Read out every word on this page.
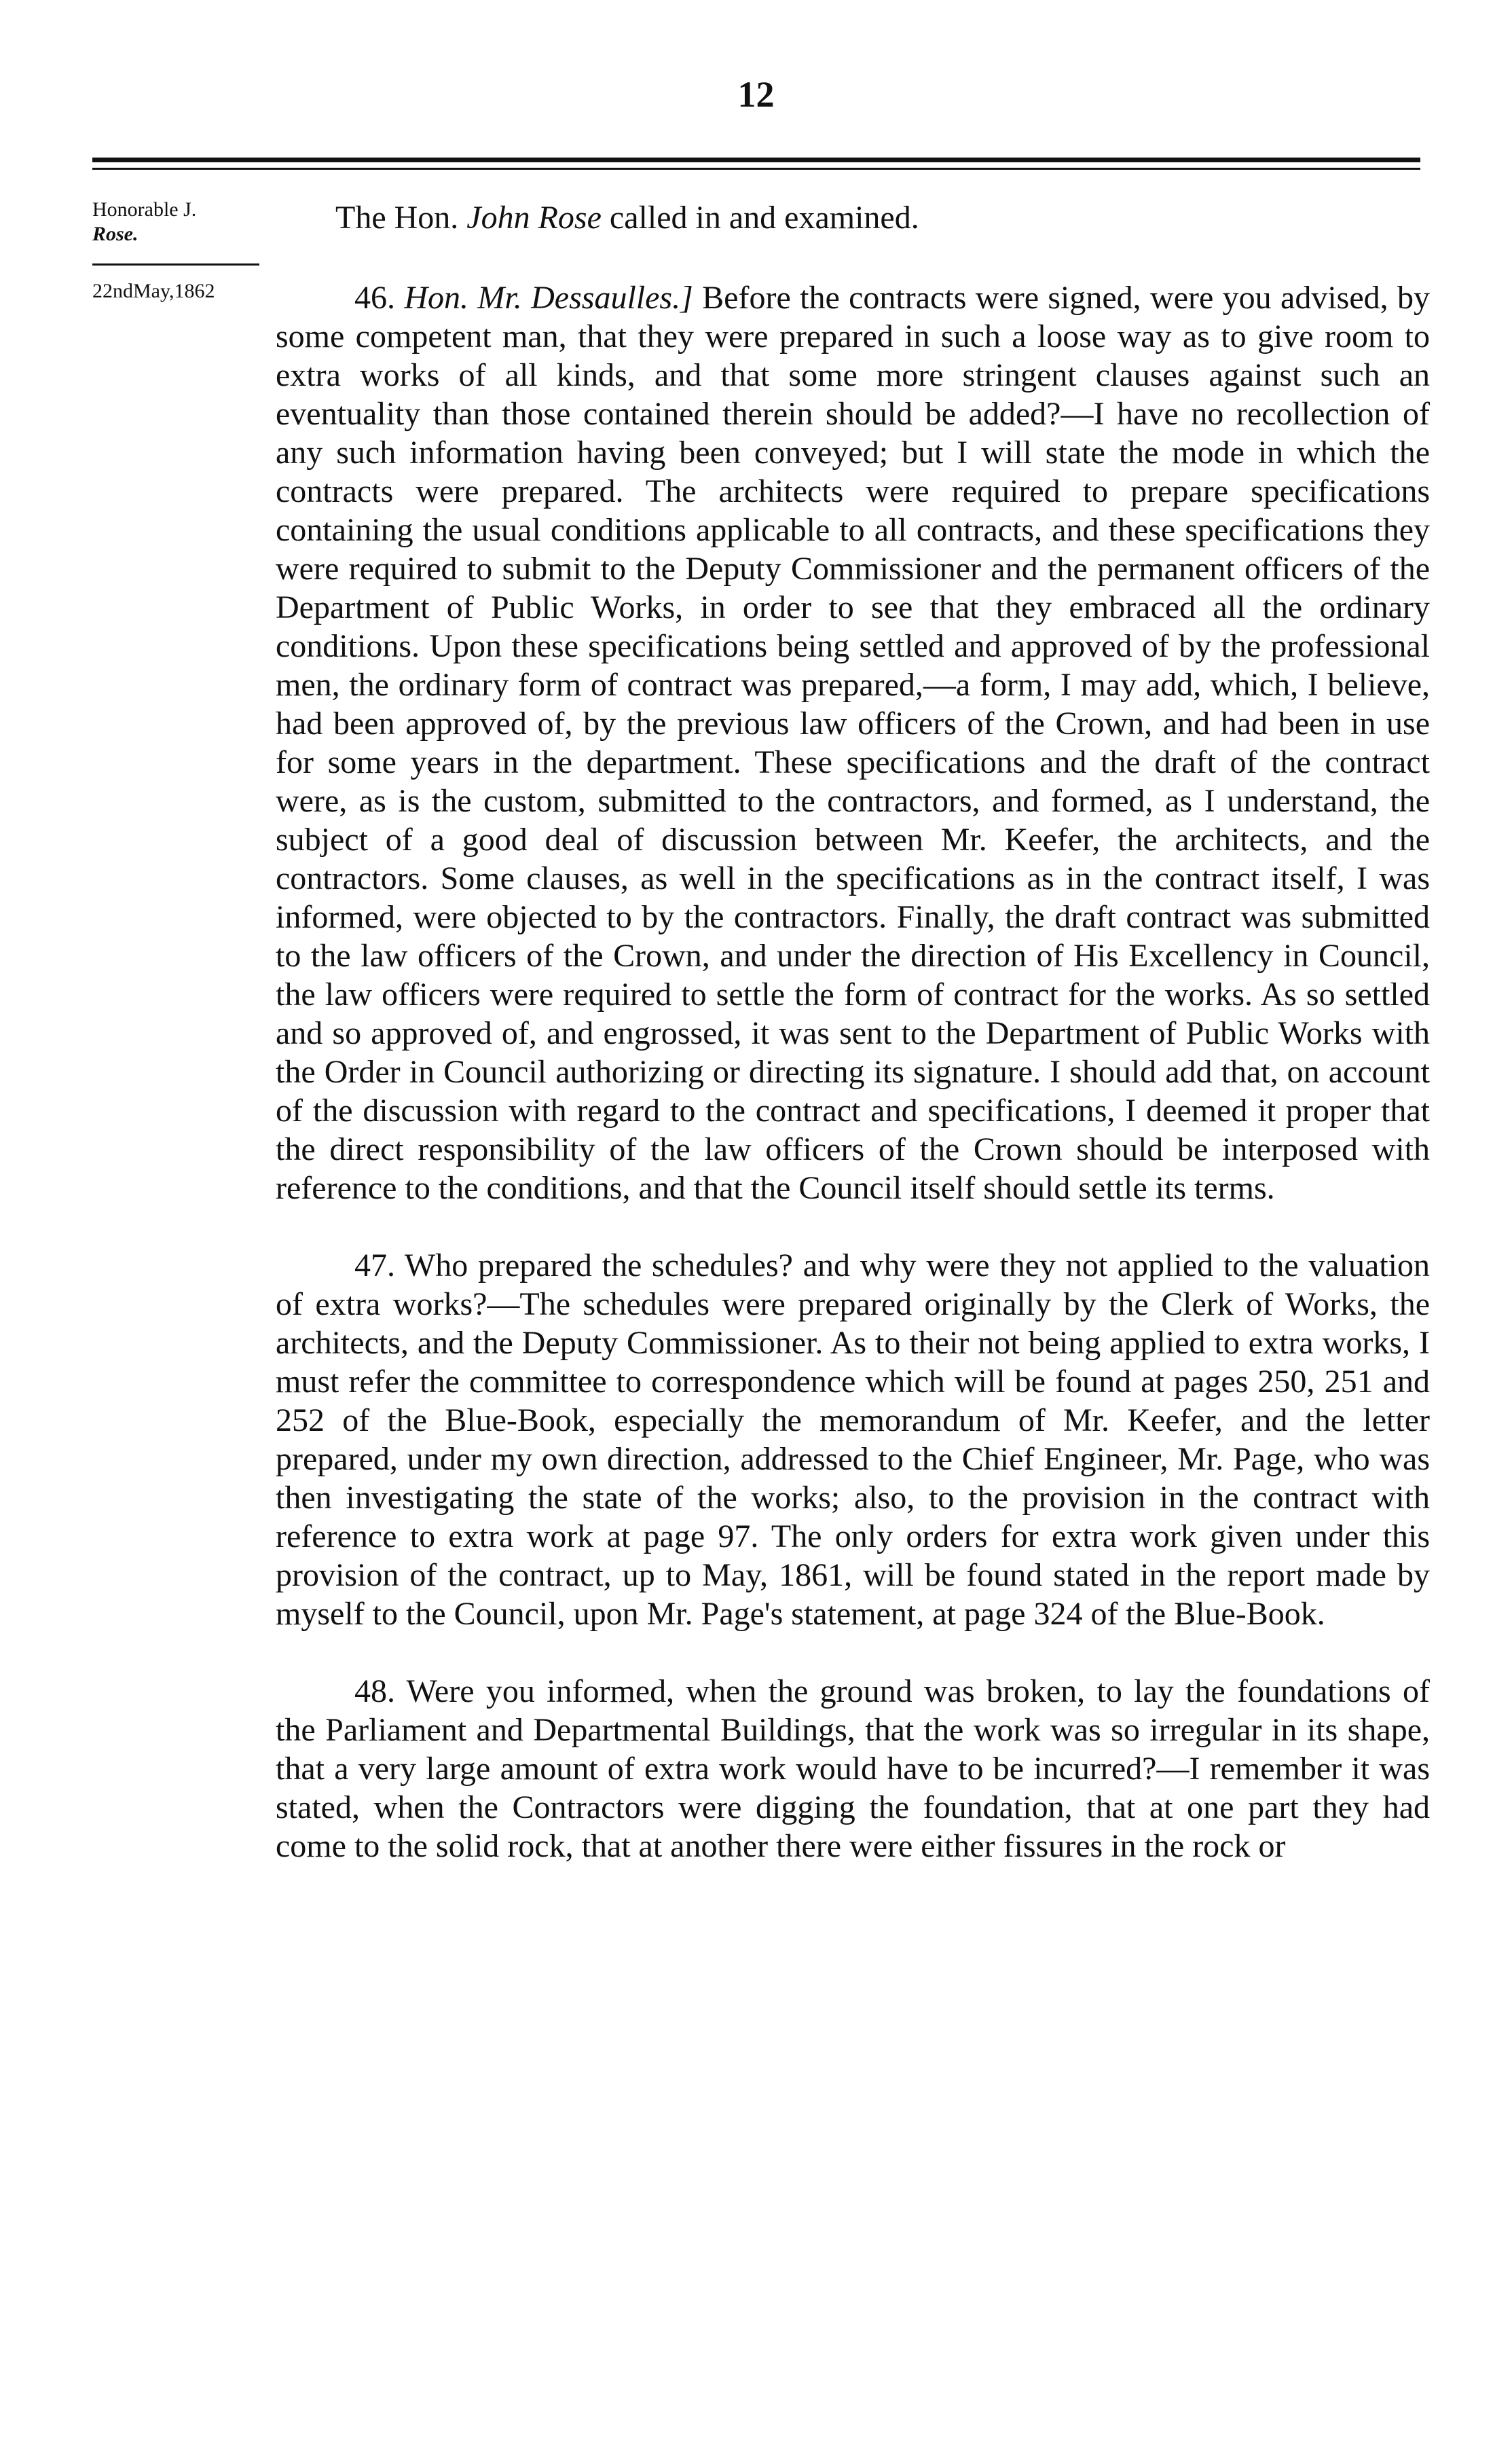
12
Honorable J.
Rose.
22ndMay,1862
The Hon. John Rose called in and examined.

46. Hon. Mr. Dessaulles.] Before the contracts were signed, were you advised, by some competent man, that they were prepared in such a loose way as to give room to extra works of all kinds, and that some more stringent clauses against such an eventuality than those contained therein should be added?—I have no recollection of any such information having been conveyed; but I will state the mode in which the contracts were prepared. The architects were required to prepare specifications containing the usual conditions applicable to all contracts, and these specifications they were required to submit to the Deputy Commissioner and the permanent officers of the Department of Public Works, in order to see that they embraced all the ordinary conditions. Upon these specifications being settled and approved of by the professional men, the ordinary form of contract was prepared,—a form, I may add, which, I believe, had been approved of, by the previous law officers of the Crown, and had been in use for some years in the department. These specifications and the draft of the contract were, as is the custom, submitted to the contractors, and formed, as I understand, the subject of a good deal of discussion between Mr. Keefer, the architects, and the contractors. Some clauses, as well in the specifications as in the contract itself, I was informed, were objected to by the contractors. Finally, the draft contract was submitted to the law officers of the Crown, and under the direction of His Excellency in Council, the law officers were required to settle the form of contract for the works. As so settled and so approved of, and engrossed, it was sent to the Department of Public Works with the Order in Council authorizing or directing its signature. I should add that, on account of the discussion with regard to the contract and specifications, I deemed it proper that the direct responsibility of the law officers of the Crown should be interposed with reference to the conditions, and that the Council itself should settle its terms.

47. Who prepared the schedules? and why were they not applied to the valuation of extra works?—The schedules were prepared originally by the Clerk of Works, the architects, and the Deputy Commissioner. As to their not being applied to extra works, I must refer the committee to correspondence which will be found at pages 250, 251 and 252 of the Blue-Book, especially the memorandum of Mr. Keefer, and the letter prepared, under my own direction, addressed to the Chief Engineer, Mr. Page, who was then investigating the state of the works; also, to the provision in the contract with reference to extra work at page 97. The only orders for extra work given under this provision of the contract, up to May, 1861, will be found stated in the report made by myself to the Council, upon Mr. Page's statement, at page 324 of the Blue-Book.

48. Were you informed, when the ground was broken, to lay the foundations of the Parliament and Departmental Buildings, that the work was so irregular in its shape, that a very large amount of extra work would have to be incurred?—I remember it was stated, when the Contractors were digging the foundation, that at one part they had come to the solid rock, that at another there were either fissures in the rock or
